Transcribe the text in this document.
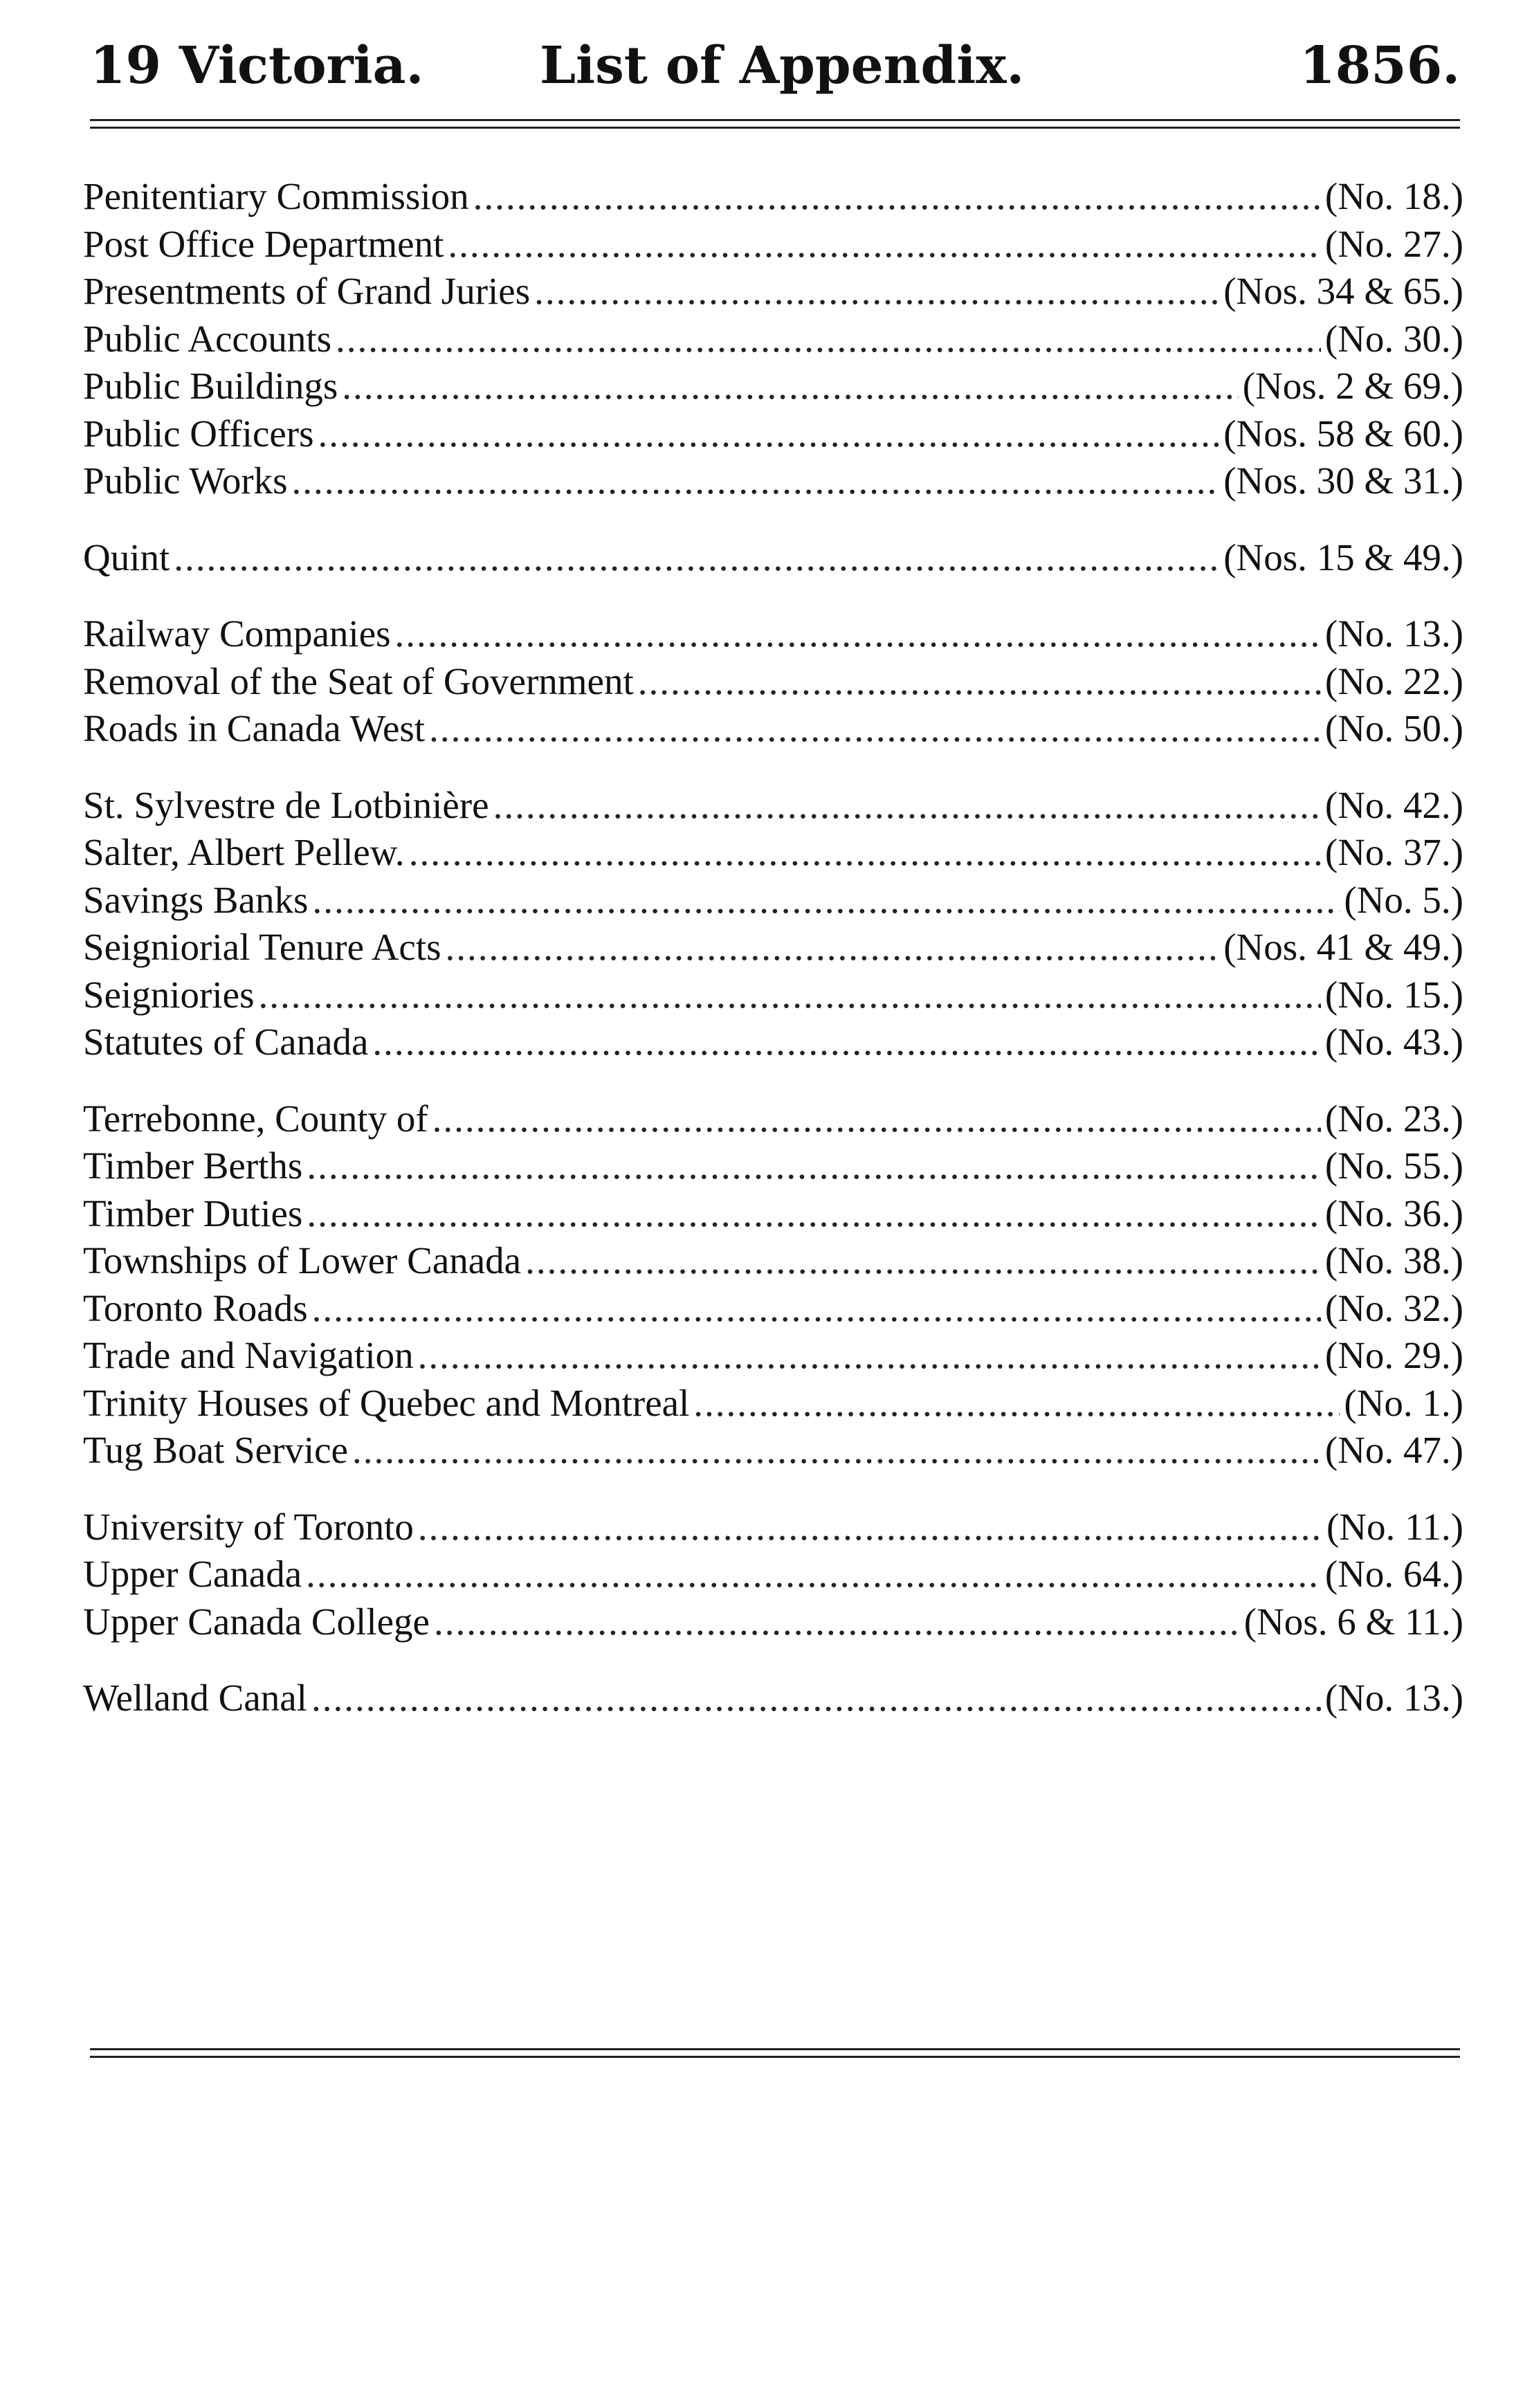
19 Victoria. List of Appendix.	1856.
Penitentiary Commission .....	(No. 18.)
Post Office Department .....	(No. 27.)
Presentments of Grand Juries .....	(Nos. 34 & 65.)
Public Accounts .....	(No. 30.)
Public Buildings .....	(Nos. 2 & 69.)
Public Officers .....	(Nos. 58 & 60.)
Public Works .....	(Nos. 30 & 31.)
Quint .....	(Nos. 15 & 49.)
Railway Companies .....	(No. 13.)
Removal of the Seat of Government .....	(No. 22.)
Roads in Canada West .....	(No. 50.)
St. Sylvestre de Lotbinière .....	(No. 42.)
Salter, Albert Pellew. .....	(No. 37.)
Savings Banks .....	(No. 5.)
Seigniorial Tenure Acts .....	(Nos. 41 & 49.)
Seigniories .....	(No. 15.)
Statutes of Canada .....	(No. 43.)
Terrebonne, County of .....	(No. 23.)
Timber Berths .....	(No. 55.)
Timber Duties .....	(No. 36.)
Townships of Lower Canada .....	(No. 38.)
Toronto Roads .....	(No. 32.)
Trade and Navigation .....	(No. 29.)
Trinity Houses of Quebec and Montreal .....	(No. 1.)
Tug Boat Service .....	(No. 47.)
University of Toronto .....	(No. 11.)
Upper Canada .....	(No. 64.)
Upper Canada College .....	(Nos. 6 & 11.)
Welland Canal .....	(No. 13.)
